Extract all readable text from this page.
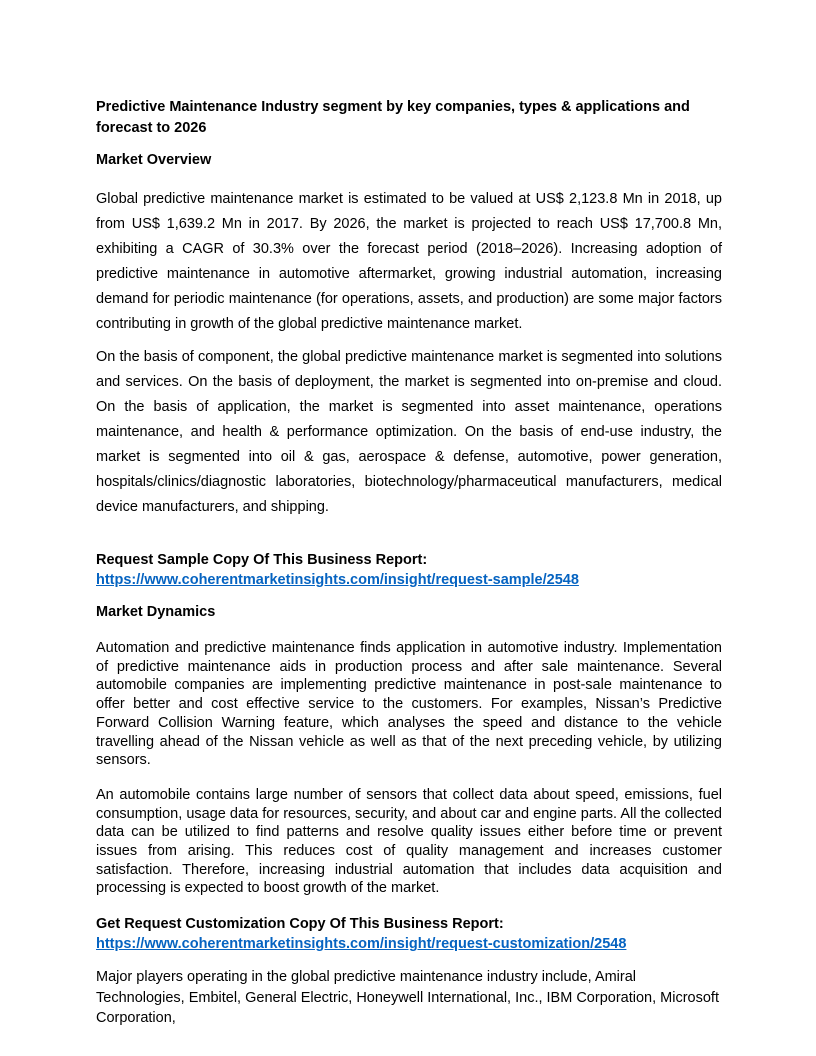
Predictive Maintenance Industry segment by key companies, types & applications and forecast to 2026
Market Overview

Global predictive maintenance market is estimated to be valued at US$ 2,123.8 Mn in 2018, up from US$ 1,639.2 Mn in 2017. By 2026, the market is projected to reach US$ 17,700.8 Mn, exhibiting a CAGR of 30.3% over the forecast period (2018–2026). Increasing adoption of predictive maintenance in automotive aftermarket, growing industrial automation, increasing demand for periodic maintenance (for operations, assets, and production) are some major factors contributing in growth of the global predictive maintenance market.

On the basis of component, the global predictive maintenance market is segmented into solutions and services. On the basis of deployment, the market is segmented into on-premise and cloud. On the basis of application, the market is segmented into asset maintenance, operations maintenance, and health & performance optimization. On the basis of end-use industry, the market is segmented into oil & gas, aerospace & defense, automotive, power generation, hospitals/clinics/diagnostic laboratories, biotechnology/pharmaceutical manufacturers, medical device manufacturers, and shipping.

Request Sample Copy Of This Business Report:
https://www.coherentmarketinsights.com/insight/request-sample/2548
Market Dynamics

Automation and predictive maintenance finds application in automotive industry. Implementation of predictive maintenance aids in production process and after sale maintenance. Several automobile companies are implementing predictive maintenance in post-sale maintenance to offer better and cost effective service to the customers. For examples, Nissan’s Predictive Forward Collision Warning feature, which analyses the speed and distance to the vehicle travelling ahead of the Nissan vehicle as well as that of the next preceding vehicle, by utilizing sensors.

An automobile contains large number of sensors that collect data about speed, emissions, fuel consumption, usage data for resources, security, and about car and engine parts. All the collected data can be utilized to find patterns and resolve quality issues either before time or prevent issues from arising. This reduces cost of quality management and increases customer satisfaction. Therefore, increasing industrial automation that includes data acquisition and processing is expected to boost growth of the market.

Get Request Customization Copy Of This Business Report:
https://www.coherentmarketinsights.com/insight/request-customization/2548

Major players operating in the global predictive maintenance industry include, Amiral Technologies, Embitel, General Electric, Honeywell International, Inc., IBM Corporation, Microsoft Corporation,
